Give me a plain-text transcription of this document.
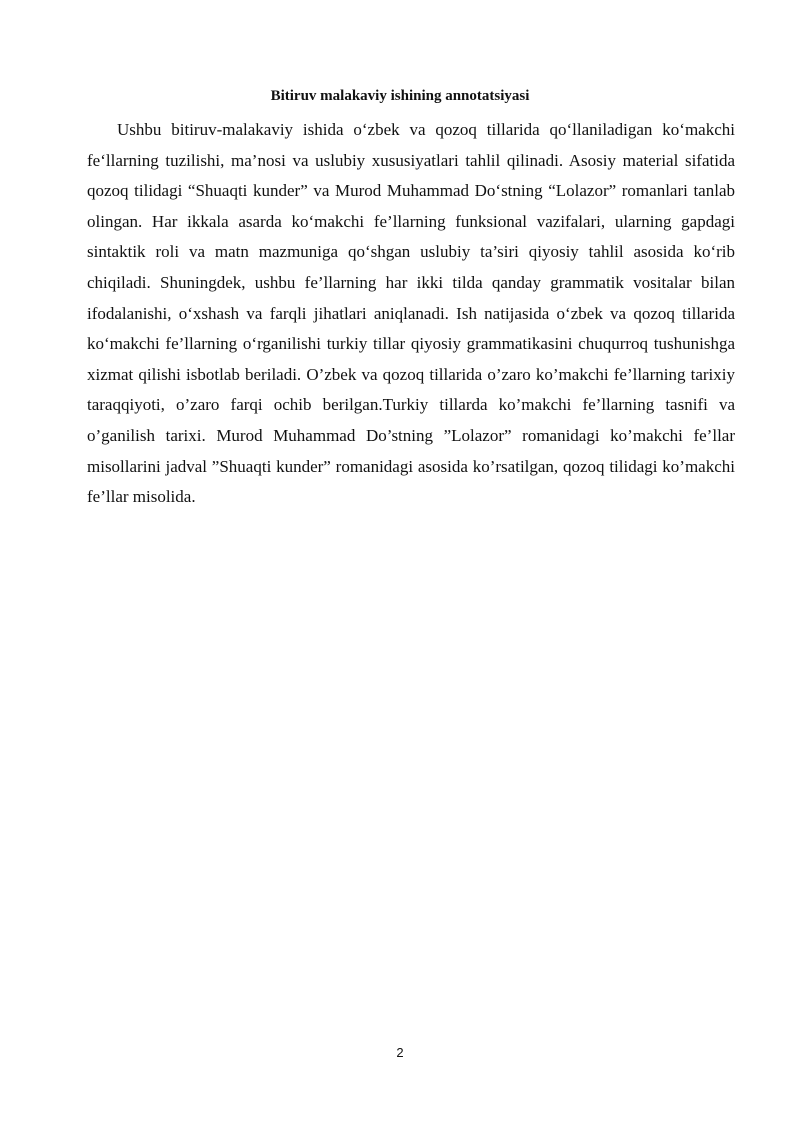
Bitiruv malakaviy ishining annotatsiyasi

Ushbu bitiruv-malakaviy ishida o‘zbek va qozoq tillarida qo‘llaniladigan ko‘makchi fe‘llarning tuzilishi, ma’nosi va uslubiy xususiyatlari tahlil qilinadi. Asosiy material sifatida qozoq tilidagi “Shuaqti kunder” va Murod Muhammad Do‘stning “Lolazor” romanlari tanlab olingan. Har ikkala asarda ko‘makchi fe’llarning funksional vazifalari, ularning gapdagi sintaktik roli va matn mazmuniga qo‘shgan uslubiy ta’siri qiyosiy tahlil asosida ko‘rib chiqiladi. Shuningdek, ushbu fe’llarning har ikki tilda qanday grammatik vositalar bilan ifodalanishi, o‘xshash va farqli jihatlari aniqlanadi. Ish natijasida o‘zbek va qozoq tillarida ko‘makchi fe’llarning o‘rganilishi turkiy tillar qiyosiy grammatikasini chuqurroq tushunishga xizmat qilishi isbotlab beriladi. O’zbek va qozoq tillarida o’zaro ko’makchi fe’llarning tarixiy taraqqiyoti, o’zaro farqi ochib berilgan.Turkiy tillarda ko’makchi fe’llarning tasnifi va o’ganilish tarixi. Murod Muhammad Do’stning ”Lolazor” romanidagi ko’makchi fe’llar misollarini jadval ”Shuaqti kunder” romanidagi asosida ko’rsatilgan, qozoq tilidagi ko’makchi fe’llar misolida.

2
